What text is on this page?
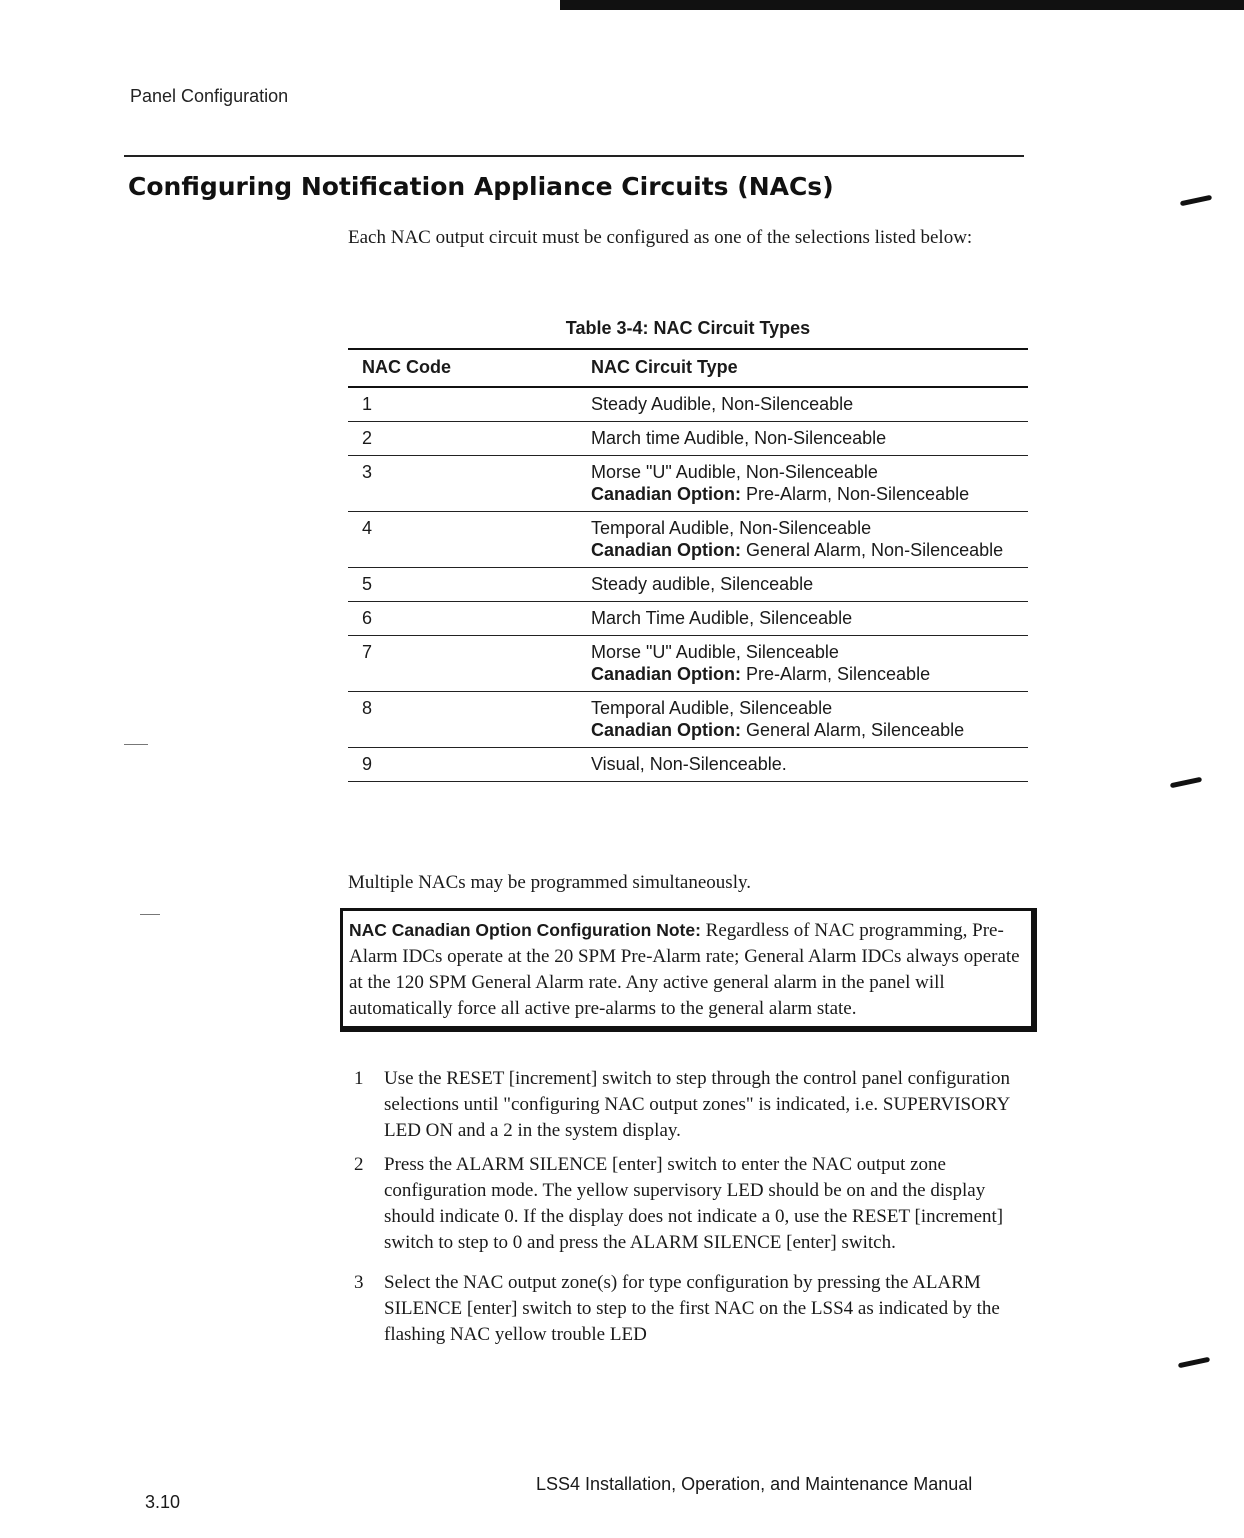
Panel Configuration
Configuring Notification Appliance Circuits (NACs)

Each NAC output circuit must be configured as one of the selections listed below:

Table 3-4: NAC Circuit Types
NAC Code	NAC Circuit Type
1	Steady Audible, Non-Silenceable

2	March time Audible, Non-Silenceable

3	Morse "U" Audible, Non-Silenceable
Canadian Option: Pre-Alarm, Non-Silenceable

4	Temporal Audible, Non-Silenceable
Canadian Option: General Alarm, Non-Silenceable

5	Steady audible, Silenceable

6	March Time Audible, Silenceable

7	Morse "U" Audible, Silenceable
Canadian Option: Pre-Alarm, Silenceable

8	Temporal Audible, Silenceable
Canadian Option: General Alarm, Silenceable

9	Visual, Non-Silenceable.

Multiple NACs may be programmed simultaneously.

NAC Canadian Option Configuration Note: Regardless of NAC programming, Pre-Alarm IDCs operate at the 20 SPM Pre-Alarm rate; General Alarm IDCs always operate at the 120 SPM General Alarm rate. Any active general alarm in the panel will automatically force all active pre-alarms to the general alarm state.
1 Use the RESET [increment] switch to step through the control panel configuration selections until "configuring NAC output zones" is indicated, i.e. SUPERVISORY LED ON and a 2 in the system display.
2 Press the ALARM SILENCE [enter] switch to enter the NAC output zone configuration mode. The yellow supervisory LED should be on and the display should indicate 0. If the display does not indicate a 0, use the RESET [increment] switch to step to 0 and press the ALARM SILENCE [enter] switch.
3 Select the NAC output zone(s) for type configuration by pressing the ALARM SILENCE [enter] switch to step to the first NAC on the LSS4 as indicated by the flashing NAC yellow trouble LED
3.10
LSS4 Installation, Operation, and Maintenance Manual
